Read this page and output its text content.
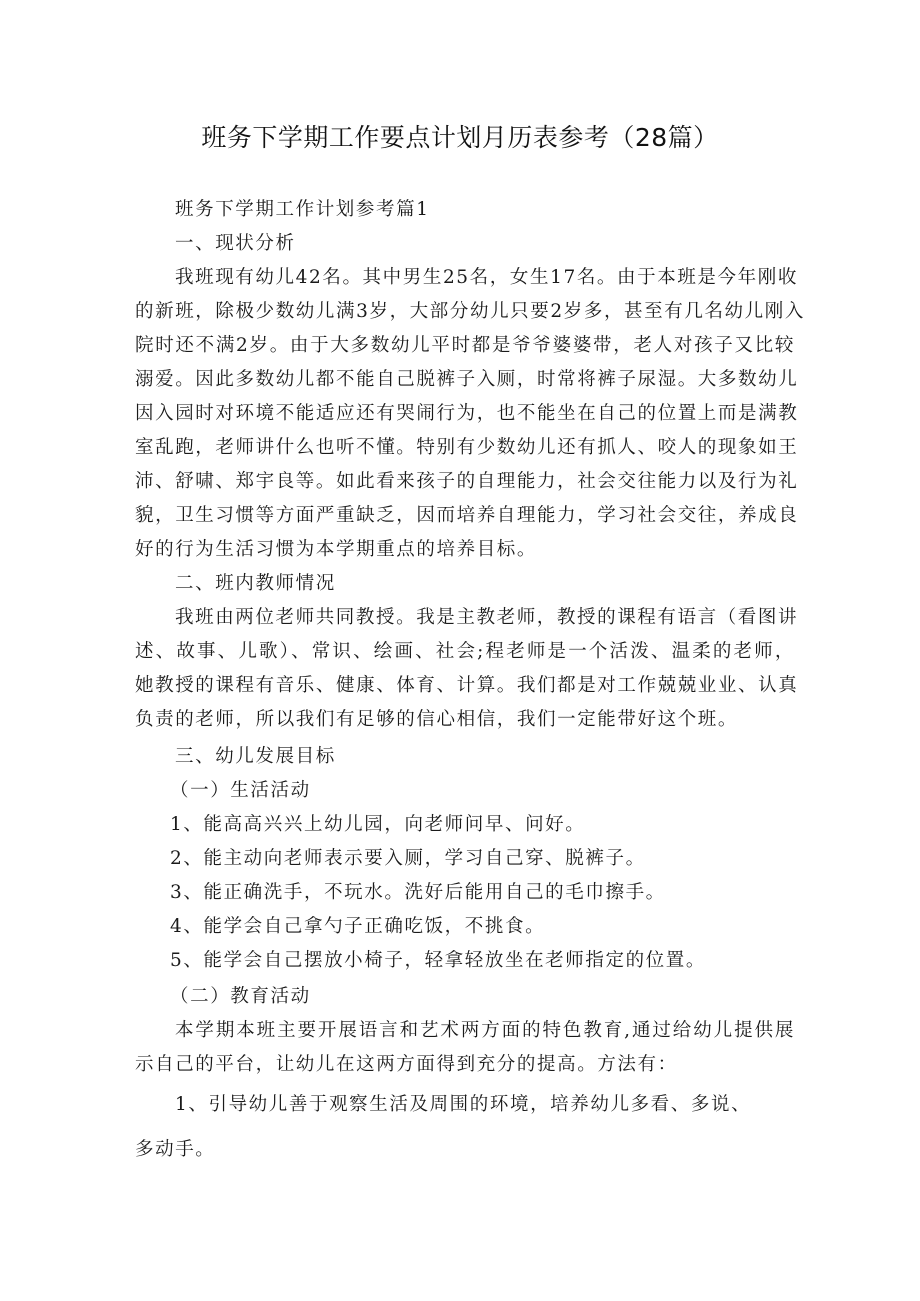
班务下学期工作要点计划月历表参考（28篇）

班务下学期工作计划参考篇1

一、现状分析

我班现有幼儿42名。其中男生25名，女生17名。由于本班是今年刚收

的新班，除极少数幼儿满3岁，大部分幼儿只要2岁多，甚至有几名幼儿刚入

院时还不满2岁。由于大多数幼儿平时都是爷爷婆婆带，老人对孩子又比较

溺爱。因此多数幼儿都不能自己脱裤子入厕，时常将裤子尿湿。大多数幼儿

因入园时对环境不能适应还有哭闹行为，也不能坐在自己的位置上而是满教

室乱跑，老师讲什么也听不懂。特别有少数幼儿还有抓人、咬人的现象如王

沛、舒啸、郑宇良等。如此看来孩子的自理能力，社会交往能力以及行为礼

貌，卫生习惯等方面严重缺乏，因而培养自理能力，学习社会交往，养成良

好的行为生活习惯为本学期重点的培养目标。

二、班内教师情况

我班由两位老师共同教授。我是主教老师，教授的课程有语言（看图讲

述、故事、儿歌）、常识、绘画、社会;程老师是一个活泼、温柔的老师，

她教授的课程有音乐、健康、体育、计算。我们都是对工作兢兢业业、认真

负责的老师，所以我们有足够的信心相信，我们一定能带好这个班。

三、幼儿发展目标

（一）生活活动

1、能高高兴兴上幼儿园，向老师问早、问好。

2、能主动向老师表示要入厕，学习自己穿、脱裤子。

3、能正确洗手，不玩水。洗好后能用自己的毛巾擦手。

4、能学会自己拿勺子正确吃饭，不挑食。

5、能学会自己摆放小椅子，轻拿轻放坐在老师指定的位置。

（二）教育活动

本学期本班主要开展语言和艺术两方面的特色教育,通过给幼儿提供展

示自己的平台，让幼儿在这两方面得到充分的提高。方法有：

1、引导幼儿善于观察生活及周围的环境，培养幼儿多看、多说、

多动手。
